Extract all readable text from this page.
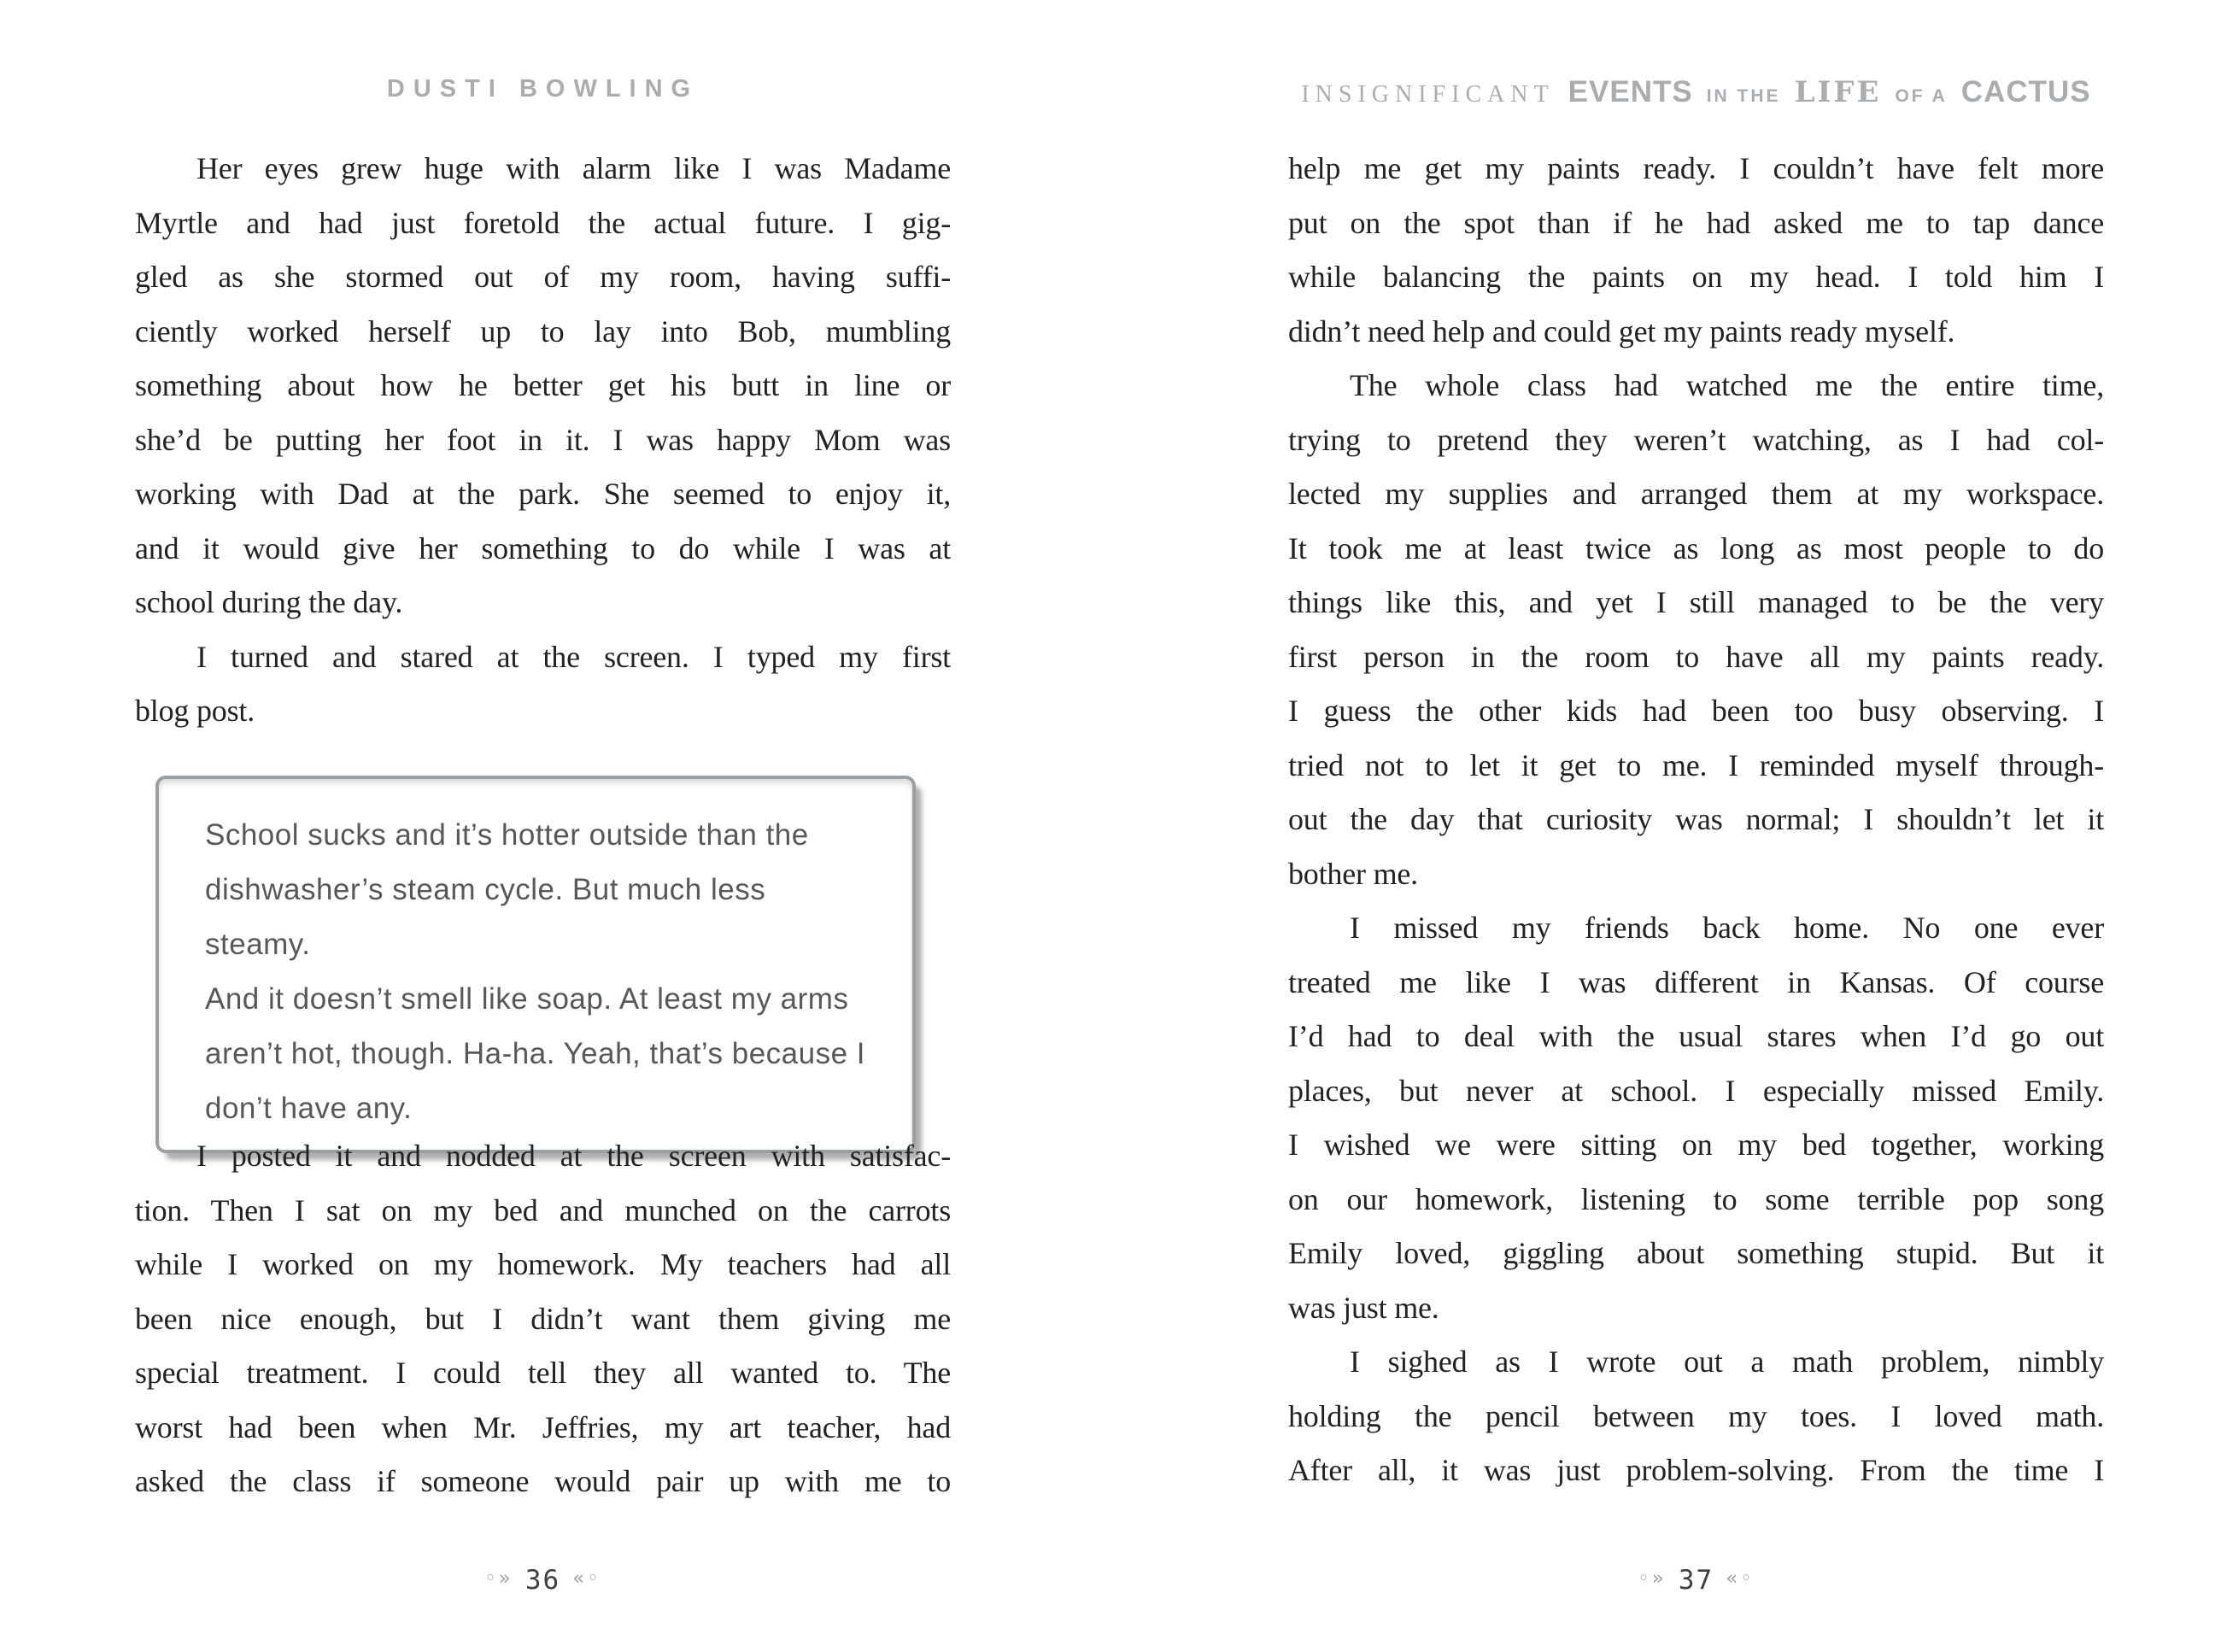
DUSTI BOWLING
Her eyes grew huge with alarm like I was Madame
Myrtle and had just foretold the actual future. I gig-
gled as she stormed out of my room, having suffi-
ciently worked herself up to lay into Bob, mumbling
something about how he better get his butt in line or
she’d be putting her foot in it. I was happy Mom was
working with Dad at the park. She seemed to enjoy it,
and it would give her something to do while I was at
school during the day.
I turned and stared at the screen. I typed my first
blog post.
School sucks and it’s hotter outside than the
dishwasher’s steam cycle. But much less steamy.
And it doesn’t smell like soap. At least my arms
aren’t hot, though. Ha-ha. Yeah, that’s because I
don’t have any.
I posted it and nodded at the screen with satisfac-
tion. Then I sat on my bed and munched on the carrots
while I worked on my homework. My teachers had all
been nice enough, but I didn’t want them giving me
special treatment. I could tell they all wanted to. The
worst had been when Mr. Jeffries, my art teacher, had
asked the class if someone would pair up with me to
◦» 36 «◦
INSIGNIFICANT EVENTS IN THE LIFE OF A CACTUS
help me get my paints ready. I couldn’t have felt more
put on the spot than if he had asked me to tap dance
while balancing the paints on my head. I told him I
didn’t need help and could get my paints ready myself.
The whole class had watched me the entire time,
trying to pretend they weren’t watching, as I had col-
lected my supplies and arranged them at my workspace.
It took me at least twice as long as most people to do
things like this, and yet I still managed to be the very
first person in the room to have all my paints ready.
I guess the other kids had been too busy observing. I
tried not to let it get to me. I reminded myself through-
out the day that curiosity was normal; I shouldn’t let it
bother me.
I missed my friends back home. No one ever
treated me like I was different in Kansas. Of course
I’d had to deal with the usual stares when I’d go out
places, but never at school. I especially missed Emily.
I wished we were sitting on my bed together, working
on our homework, listening to some terrible pop song
Emily loved, giggling about something stupid. But it
was just me.
I sighed as I wrote out a math problem, nimbly
holding the pencil between my toes. I loved math.
After all, it was just problem-solving. From the time I
◦» 37 «◦
